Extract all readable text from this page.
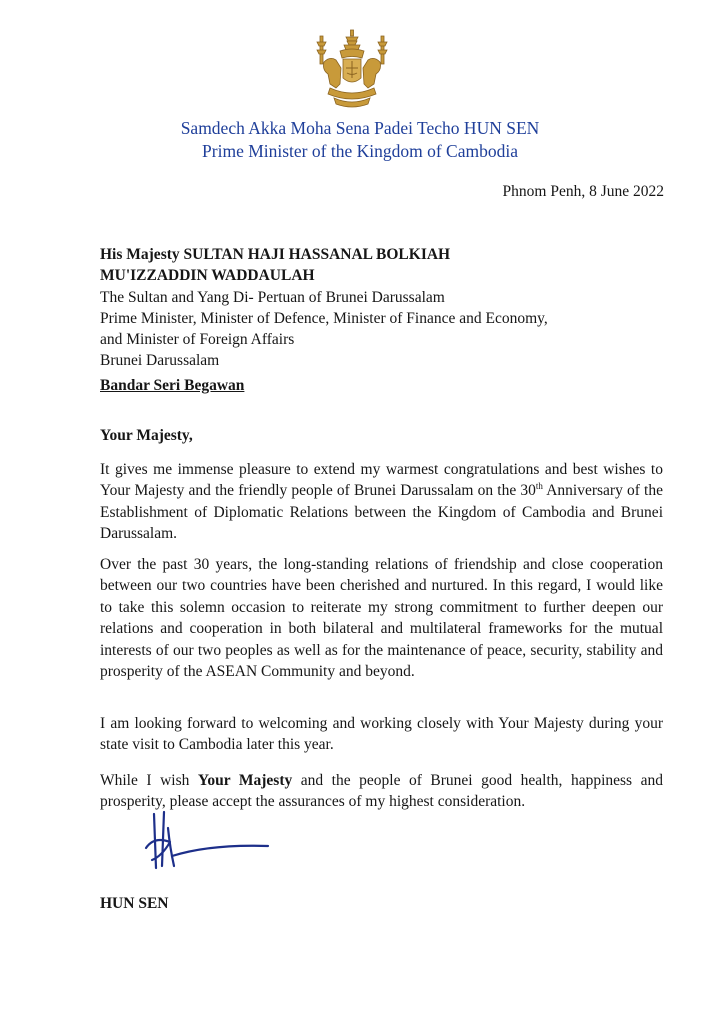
Samdech Akka Moha Sena Padei Techo HUN SEN
Prime Minister of the Kingdom of Cambodia
Phnom Penh, 8 June 2022
His Majesty SULTAN HAJI HASSANAL BOLKIAH
MU'IZZADDIN WADDAULAH
The Sultan and Yang Di- Pertuan of Brunei Darussalam
Prime Minister, Minister of Defence, Minister of Finance and Economy,
and Minister of Foreign Affairs
Brunei Darussalam
Bandar Seri Begawan
Your Majesty,

It gives me immense pleasure to extend my warmest congratulations and best wishes to Your Majesty and the friendly people of Brunei Darussalam on the 30th Anniversary of the Establishment of Diplomatic Relations between the Kingdom of Cambodia and Brunei Darussalam.

Over the past 30 years, the long-standing relations of friendship and close cooperation between our two countries have been cherished and nurtured. In this regard, I would like to take this solemn occasion to reiterate my strong commitment to further deepen our relations and cooperation in both bilateral and multilateral frameworks for the mutual interests of our two peoples as well as for the maintenance of peace, security, stability and prosperity of the ASEAN Community and beyond.

I am looking forward to welcoming and working closely with Your Majesty during your state visit to Cambodia later this year.

While I wish Your Majesty and the people of Brunei good health, happiness and prosperity, please accept the assurances of my highest consideration.

HUN SEN
